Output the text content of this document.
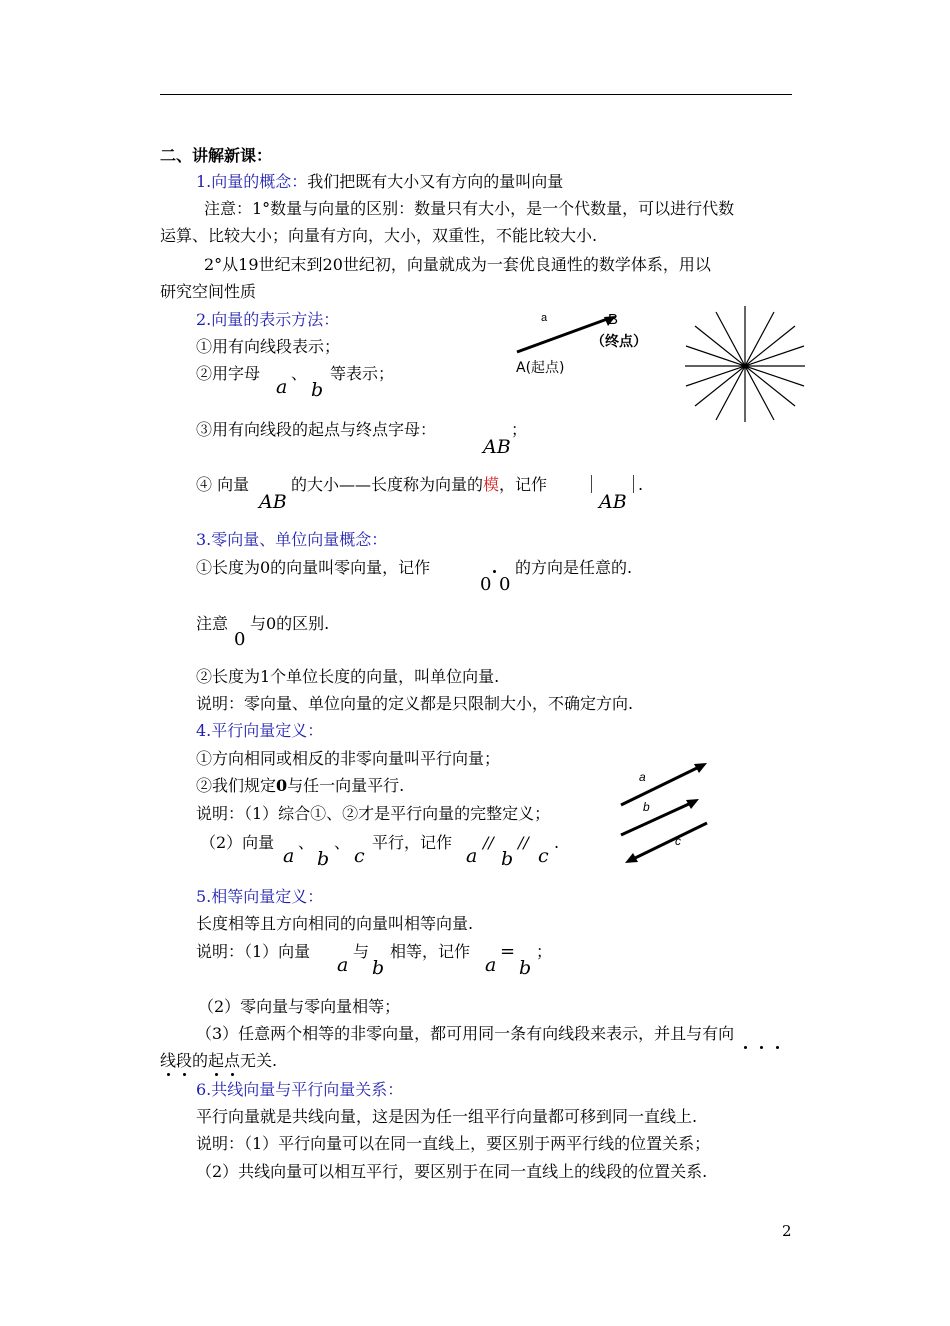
二、讲解新课：
1.向量的概念：我们把既有大小又有方向的量叫向量
注意：1°数量与向量的区别：数量只有大小，是一个代数量，可以进行代数
运算、比较大小；向量有方向，大小，双重性，不能比较大小.
2°从19世纪末到20世纪初，向量就成为一套优良通性的数学体系，用以
研究空间性质
2.向量的表示方法：
①用有向线段表示；
②用字母
a
、
b
等表示；
③用有向线段的起点与终点字母：
AB
；
④ 向量
AB
的大小——长度称为向量的模，记作
AB
.
a	B
（终点）
A(起点)
3.零向量、单位向量概念：
①长度为0的向量叫零向量，记作
0 0
的方向是任意的.
注意
0
与0的区别.
②长度为1个单位长度的向量，叫单位向量.
说明：零向量、单位向量的定义都是只限制大小，不确定方向.
4.平行向量定义：
①方向相同或相反的非零向量叫平行向量；
②我们规定0与任一向量平行.
说明：（1）综合①、②才是平行向量的完整定义；
（2）向量
a
、
b
、
c
平行，记作
a
//
b
//
c
.
a
b
c
5.相等向量定义：
长度相等且方向相同的向量叫相等向量.
说明：（1）向量
a
与
b
相等，记作
a
=
b
；
（2）零向量与零向量相等；
（3）任意两个相等的非零向量，都可用同一条有向线段来表示，并且与有向
线段的起点无关.
6.共线向量与平行向量关系：
平行向量就是共线向量，这是因为任一组平行向量都可移到同一直线上.
说明：（1）平行向量可以在同一直线上，要区别于两平行线的位置关系；
（2）共线向量可以相互平行，要区别于在同一直线上的线段的位置关系.
2
